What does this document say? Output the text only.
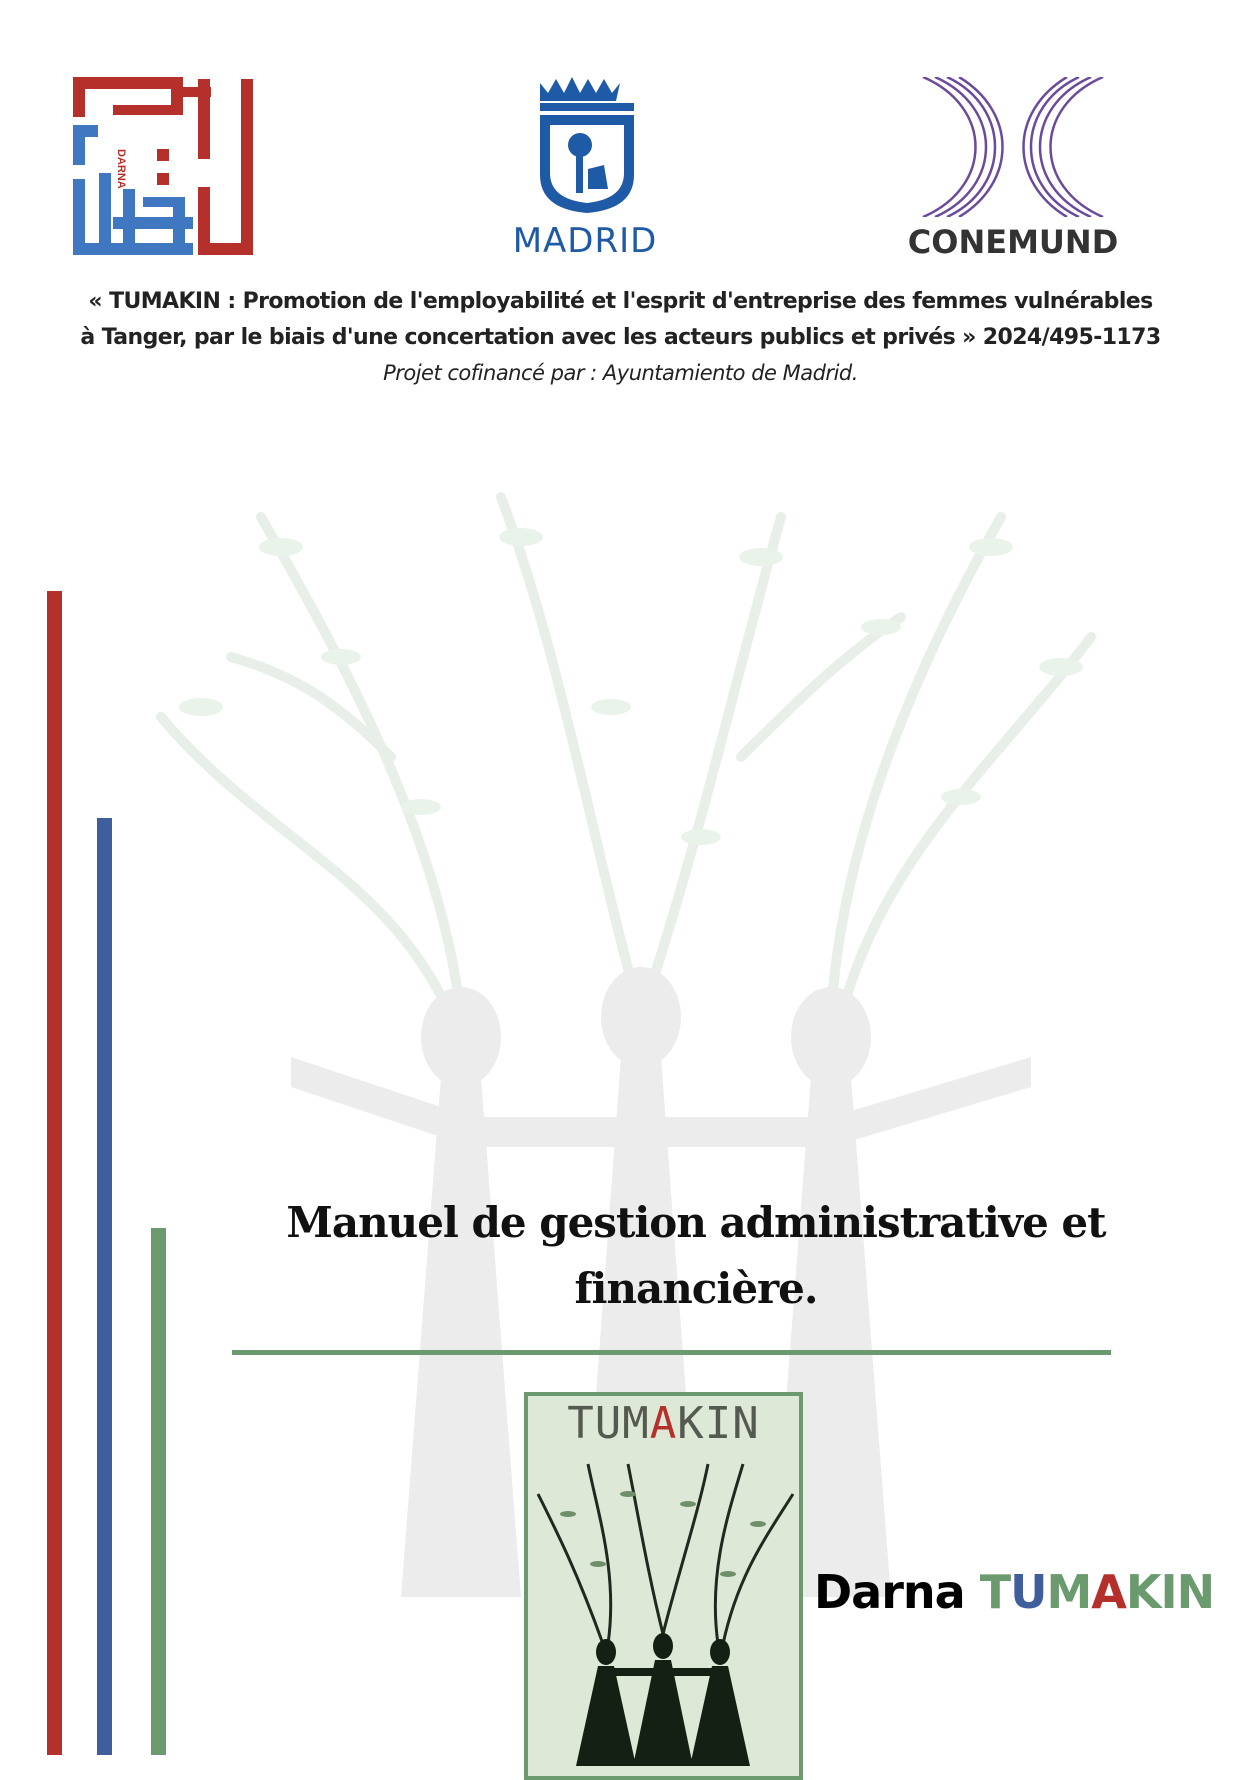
DARNA
MADRID	CONEMUND
« TUMAKIN : Promotion de l'employabilité et l'esprit d'entreprise des femmes vulnérables
à Tanger, par le biais d'une concertation avec les acteurs publics et privés » 2024/495-1173
Projet cofinancé par : Ayuntamiento de Madrid.
Manuel de gestion administrative et
financière.
TUMAKIN
Darna TUMAKIN
